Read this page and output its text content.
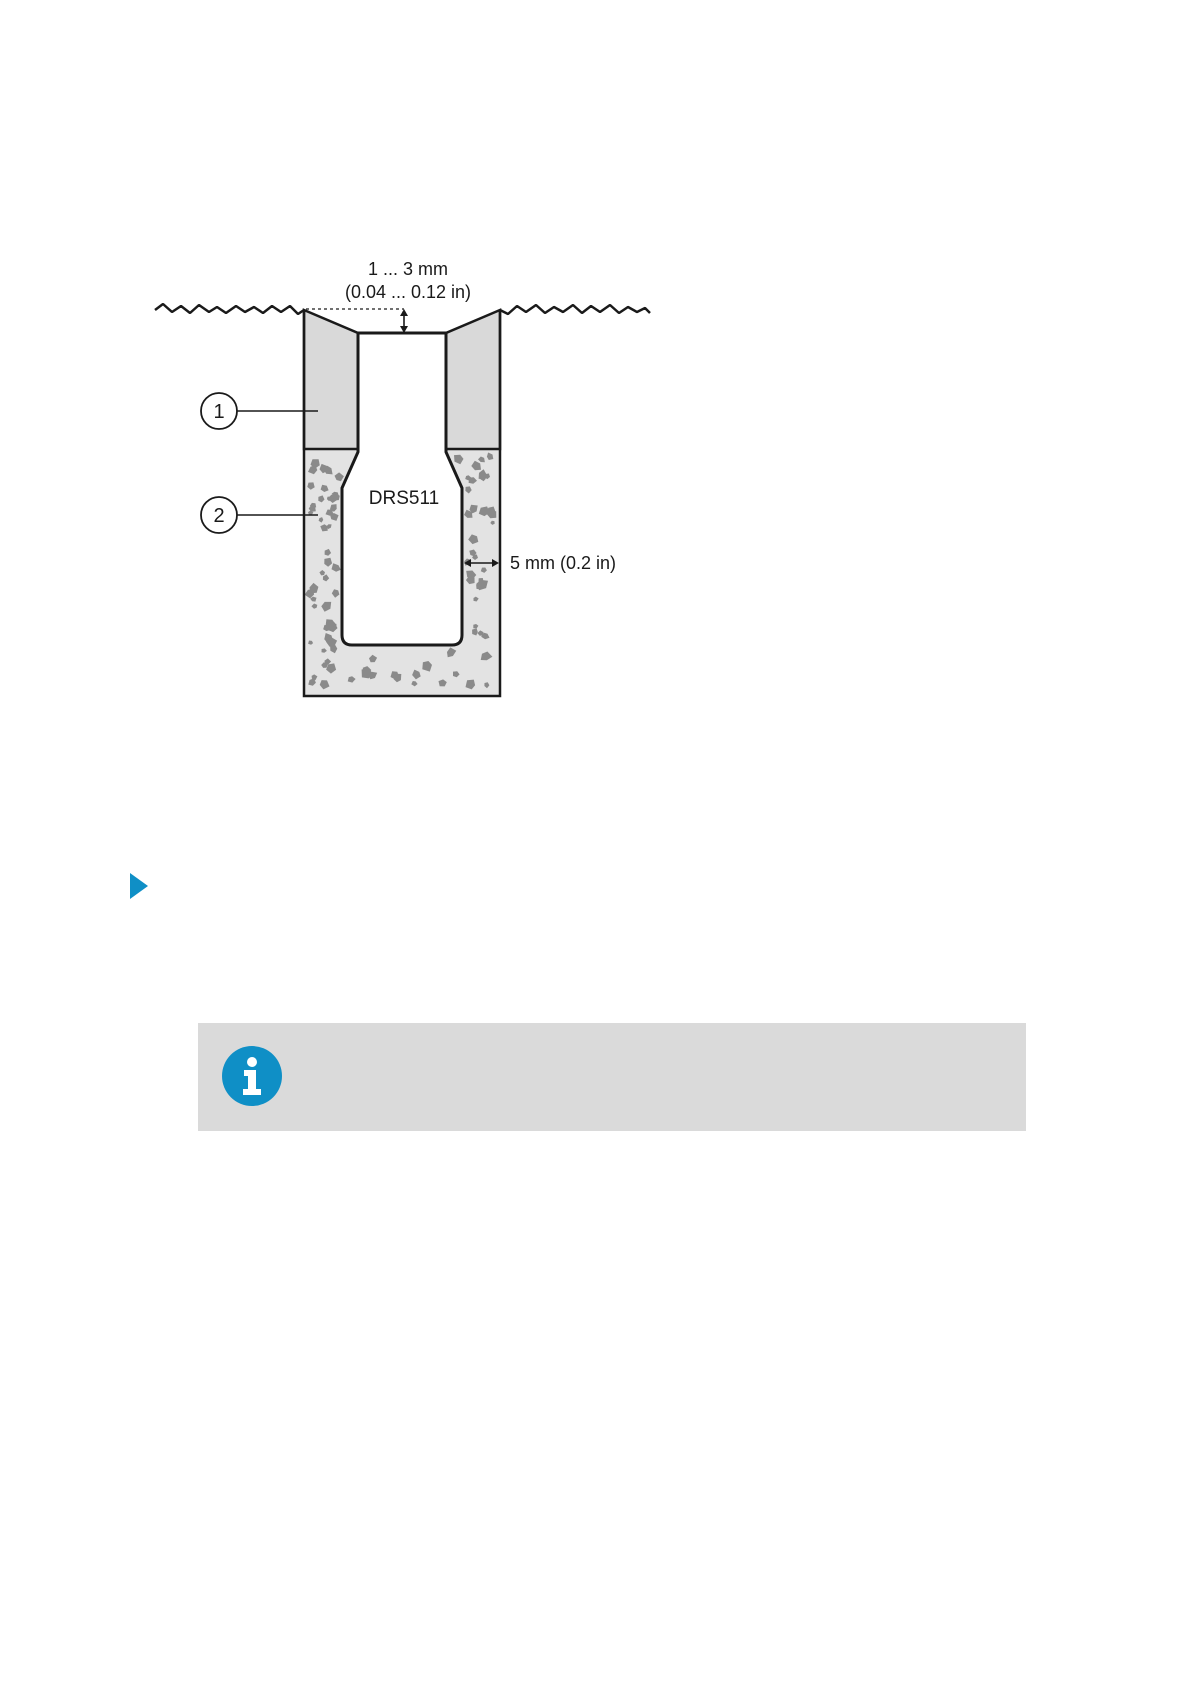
1 ... 3 mm
(0.04 ... 0.12 in)
5 mm (0.2 in)
DRS511
1
2
